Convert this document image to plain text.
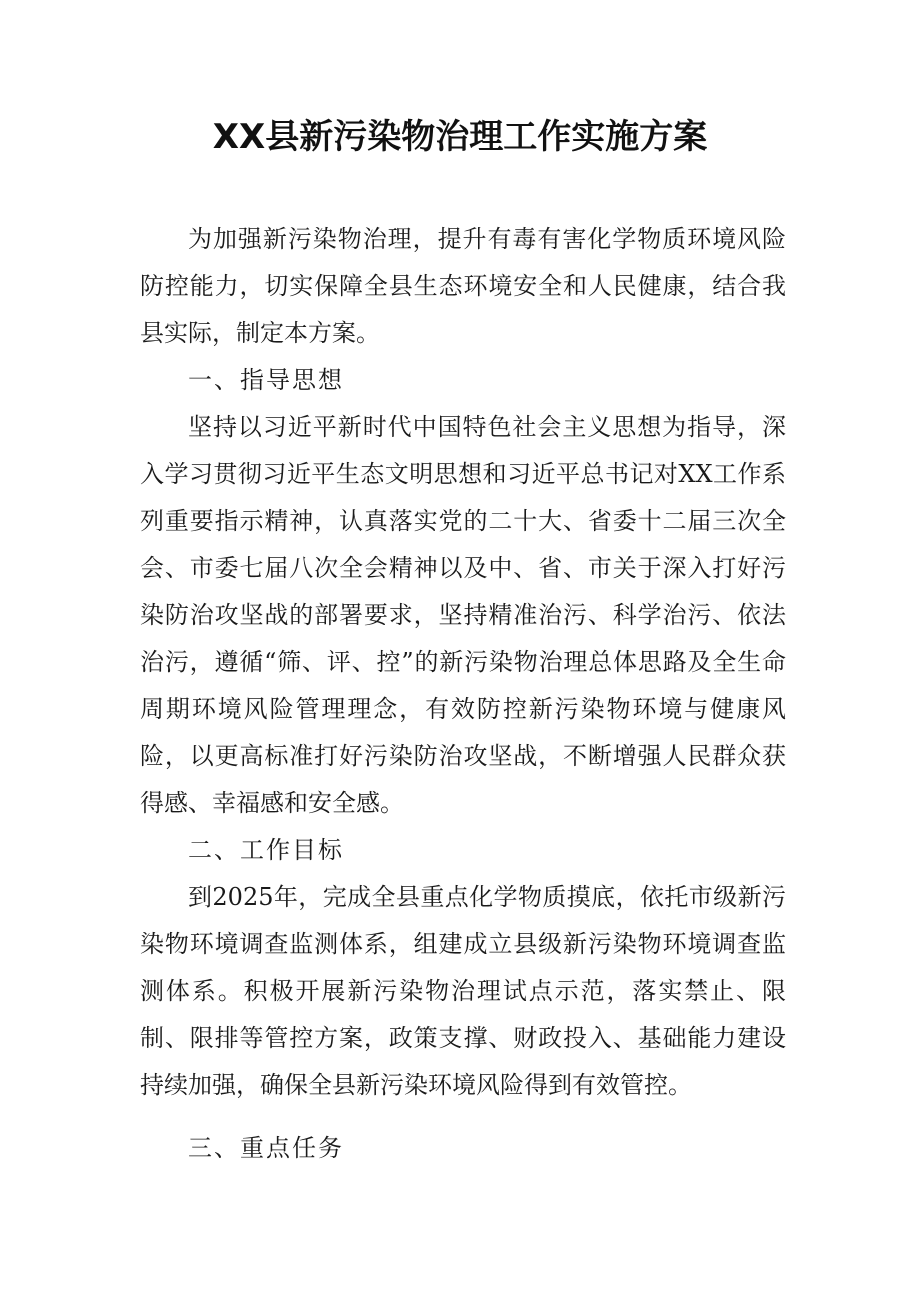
XX县新污染物治理工作实施方案

为加强新污染物治理，提升有毒有害化学物质环境风险防控能力，切实保障全县生态环境安全和人民健康，结合我县实际，制定本方案。

一、指导思想

坚持以习近平新时代中国特色社会主义思想为指导，深入学习贯彻习近平生态文明思想和习近平总书记对XX工作系列重要指示精神，认真落实党的二十大、省委十二届三次全会、市委七届八次全会精神以及中、省、市关于深入打好污染防治攻坚战的部署要求，坚持精准治污、科学治污、依法治污，遵循“筛、评、控”的新污染物治理总体思路及全生命周期环境风险管理理念，有效防控新污染物环境与健康风险，以更高标准打好污染防治攻坚战，不断增强人民群众获得感、幸福感和安全感。

二、工作目标

到2025年，完成全县重点化学物质摸底，依托市级新污染物环境调查监测体系，组建成立县级新污染物环境调查监测体系。积极开展新污染物治理试点示范，落实禁止、限制、限排等管控方案，政策支撑、财政投入、基础能力建设持续加强，确保全县新污染环境风险得到有效管控。

三、重点任务
